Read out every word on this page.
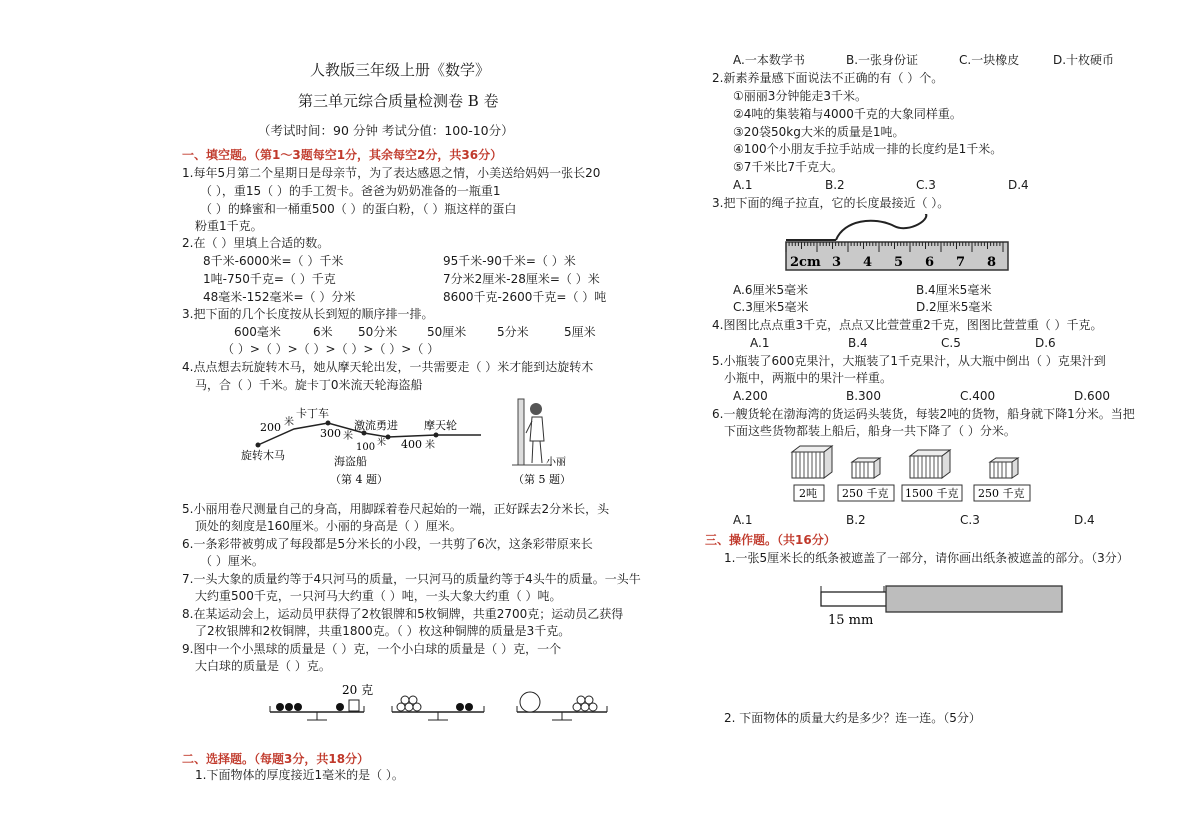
人教版三年级上册《数学》
第三单元综合质量检测卷 B 卷
（考试时间：90 分钟 考试分值：100-10分）
一、填空题。（第1～3题每空1分，其余每空2分，共36分）
1.每年5月第二个星期日是母亲节，为了表达感恩之情，小美送给妈妈一张长20
（ ），重15（ ）的手工贺卡。爸爸为奶奶准备的一瓶重1
（ ）的蜂蜜和一桶重500（ ）的蛋白粉，（ ）瓶这样的蛋白
粉重1千克。
2.在（ ）里填上合适的数。
8千米-6000米=（ ）千米	95千米-90千米=（ ）米
1吨-750千克=（ ）千克	7分米2厘米-28厘米=（ ）米
48毫米-152毫米=（ ）分米	8600千克-2600千克=（ ）吨
3.把下面的几个长度按从长到短的顺序排一排。
600毫米	6米 50分米 50厘米	5分米	5厘米
（ ）>（ ）>（ ）>（ ）>（ ）>（ ）
4.点点想去玩旋转木马，她从摩天轮出发，一共需要走（ ）米才能到达旋转木
马，合（ ）千米。旋卡丁0米流天轮海盗船
200 米
卡丁车
300 米
激流勇进 摩天轮
100 米 400 米
旋转木马	海盗船
（第 4 题）
小丽
（第 5 题）
5.小丽用卷尺测量自己的身高，用脚踩着卷尺起始的一端，正好踩去2分米长，头
顶处的刻度是160厘米。小丽的身高是（ ）厘米。
6.一条彩带被剪成了每段都是5分米长的小段，一共剪了6次，这条彩带原来长
（ ）厘米。
7.一头大象的质量约等于4只河马的质量，一只河马的质量约等于4头牛的质量。一头牛
大约重500千克，一只河马大约重（ ）吨，一头大象大约重（ ）吨。
8.在某运动会上，运动员甲获得了2枚银牌和5枚铜牌，共重2700克；运动员乙获得
了2枚银牌和2枚铜牌，共重1800克。（ ）枚这种铜牌的质量是3千克。
9.图中一个小黑球的质量是（ ）克，一个小白球的质量是（ ）克，一个
大白球的质量是（ ）克。
20 克
二、选择题。（每题3分，共18分）
1.下面物体的厚度接近1毫米的是（ ）。
A.一本数学书	B.一张身份证	C.一块橡皮	D.十枚硬币
2.新素养量感下面说法不正确的有（ ）个。
①丽丽3分钟能走3千米。
②4吨的集装箱与4000千克的大象同样重。
③20袋50kg大米的质量是1吨。
④100个小朋友手拉手站成一排的长度约是1千米。
⑤7千米比7千克大。
A.1	B.2	C.3	D.4
3.把下面的绳子拉直，它的长度最接近（ ）。
2cm 3 4 5 6 7 8
A.6厘米5毫米	B.4厘米5毫米
C.3厘米5毫米	D.2厘米5毫米
4.图图比点点重3千克，点点又比萱萱重2千克，图图比萱萱重（ ）千克。
A.1	B.4	C.5	D.6
5.小瓶装了600克果汁，大瓶装了1千克果汁，从大瓶中倒出（ ）克果汁到
小瓶中，两瓶中的果汁一样重。
A.200	B.300	C.400	D.600
6.一艘货轮在渤海湾的货运码头装货，每装2吨的货物，船身就下降1分米。当把
下面这些货物都装上船后，船身一共下降了（ ）分米。
2吨 250 千克 1500 千克 250 千克
A.1	B.2	C.3	D.4
三、操作题。（共16分）
1.一张5厘米长的纸条被遮盖了一部分，请你画出纸条被遮盖的部分。（3分）
15 mm
2. 下面物体的质量大约是多少？连一连。（5分）
